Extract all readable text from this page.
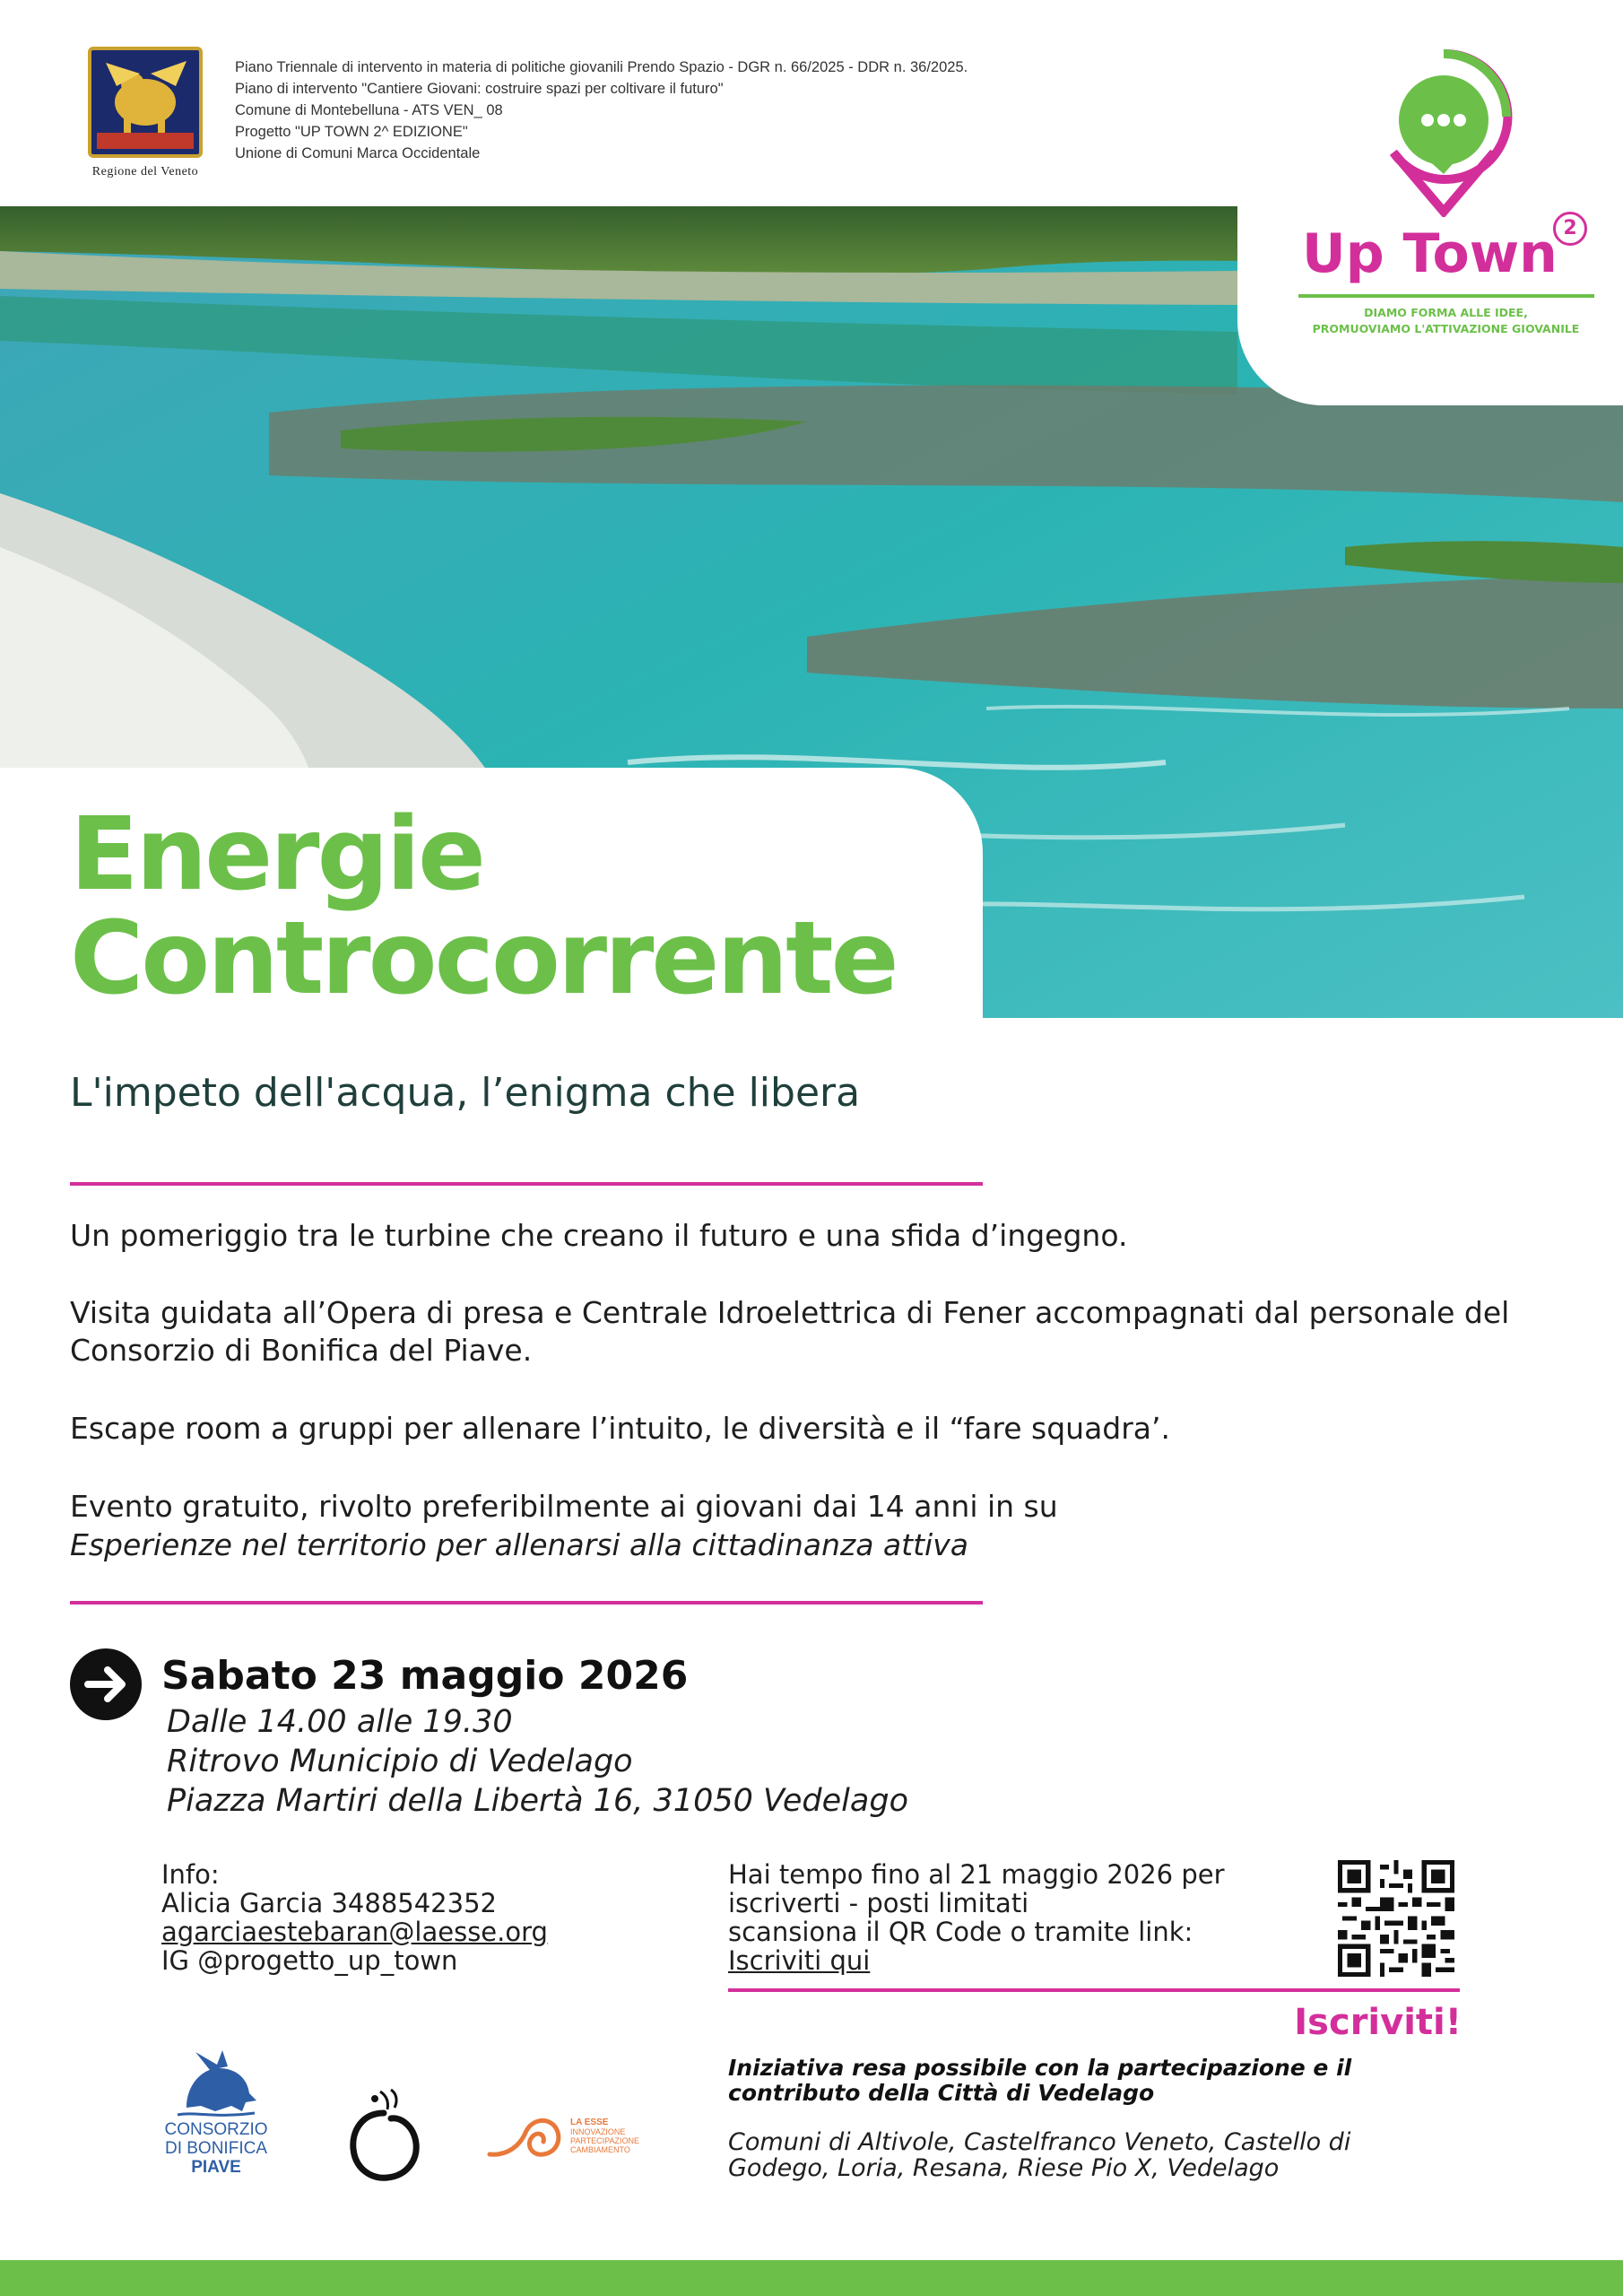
Regione del Veneto
Piano Triennale di intervento in materia di politiche giovanili Prendo Spazio - DGR n. 66/2025 - DDR n. 36/2025.
Piano di intervento "Cantiere Giovani: costruire spazi per coltivare il futuro"
Comune di Montebelluna - ATS VEN_ 08
Progetto "UP TOWN 2^ EDIZIONE"
Unione di Comuni Marca Occidentale
Up Town 2
DIAMO FORMA ALLE IDEE,
PROMUOVIAMO L'ATTIVAZIONE GIOVANILE
Energie
Controcorrente
L'impeto dell'acqua, l’enigma che libera
Un pomeriggio tra le turbine che creano il futuro e una sfida d’ingegno.
Visita guidata all’Opera di presa e Centrale Idroelettrica di Fener accompagnati dal personale del Consorzio di Bonifica del Piave.
Escape room a gruppi per allenare l’intuito, le diversità e il “fare squadra’.
Evento gratuito, rivolto preferibilmente ai giovani dai 14 anni in su
Esperienze nel territorio per allenarsi alla cittadinanza attiva
Sabato 23 maggio 2026
Dalle 14.00 alle 19.30
Ritrovo Municipio di Vedelago
Piazza Martiri della Libertà 16, 31050 Vedelago
Info:
Alicia Garcia 3488542352
agarciaestebaran@laesse.org
IG @progetto_up_town
Hai tempo fino al 21 maggio 2026 per
iscriverti - posti limitati
scansiona il QR Code o tramite link:
Iscriviti qui
Iscriviti!
Iniziativa resa possibile con la partecipazione e il contributo della Città di Vedelago
Comuni di Altivole, Castelfranco Veneto, Castello di Godego, Loria, Resana, Riese Pio X, Vedelago
CONSORZIO
DI BONIFICA
PIAVE
LA ESSE
INNOVAZIONE
PARTECIPAZIONE
CAMBIAMENTO
